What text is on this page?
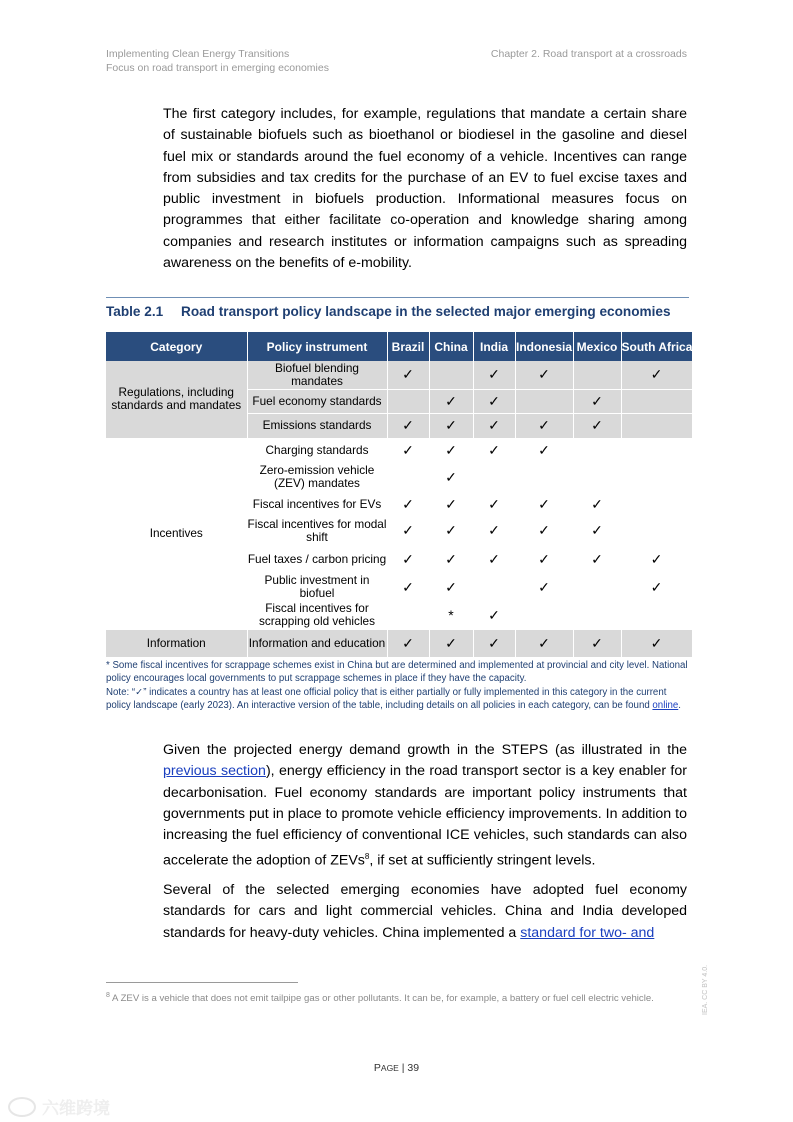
Implementing Clean Energy Transitions
Focus on road transport in emerging economies
Chapter 2. Road transport at a crossroads

The first category includes, for example, regulations that mandate a certain share of sustainable biofuels such as bioethanol or biodiesel in the gasoline and diesel fuel mix or standards around the fuel economy of a vehicle. Incentives can range from subsidies and tax credits for the purchase of an EV to fuel excise taxes and public investment in biofuels production. Informational measures focus on programmes that either facilitate co-operation and knowledge sharing among companies and research institutes or information campaigns such as spreading awareness on the benefits of e-mobility.

Table 2.1 Road transport policy landscape in the selected major emerging economies
Category	Policy instrument	Brazil	China	India	Indonesia	Mexico	South Africa
Regulations, including standards and mandates	Biofuel blending mandates	✓		✓	✓		✓
	Fuel economy standards		✓	✓		✓	
	Emissions standards	✓	✓	✓	✓	✓	
Incentives	Charging standards	✓	✓	✓	✓		
	Zero-emission vehicle (ZEV) mandates		✓				
	Fiscal incentives for EVs	✓	✓	✓	✓	✓	
	Fiscal incentives for modal shift	✓	✓	✓	✓	✓	
	Fuel taxes / carbon pricing	✓	✓	✓	✓	✓	✓
	Public investment in biofuel	✓	✓		✓		✓
	Fiscal incentives for scrapping old vehicles		*	✓			
Information	Information and education	✓	✓	✓	✓	✓	✓

* Some fiscal incentives for scrappage schemes exist in China but are determined and implemented at provincial and city level. National policy encourages local governments to put scrappage schemes in place if they have the capacity.

Note: “✓” indicates a country has at least one official policy that is either partially or fully implemented in this category in the current policy landscape (early 2023). An interactive version of the table, including details on all policies in each category, can be found online.

Given the projected energy demand growth in the STEPS (as illustrated in the previous section), energy efficiency in the road transport sector is a key enabler for decarbonisation. Fuel economy standards are important policy instruments that governments put in place to promote vehicle efficiency improvements. In addition to increasing the fuel efficiency of conventional ICE vehicles, such standards can also accelerate the adoption of ZEVs$^8$, if set at sufficiently stringent levels.

Several of the selected emerging economies have adopted fuel economy standards for cars and light commercial vehicles. China and India developed standards for heavy-duty vehicles. China implemented a standard for two- and

$^8$ A ZEV is a vehicle that does not emit tailpipe gas or other pollutants. It can be, for example, a battery or fuel cell electric vehicle.

PAGE | 39
IEA. CC BY 4.0.
六维跨境
